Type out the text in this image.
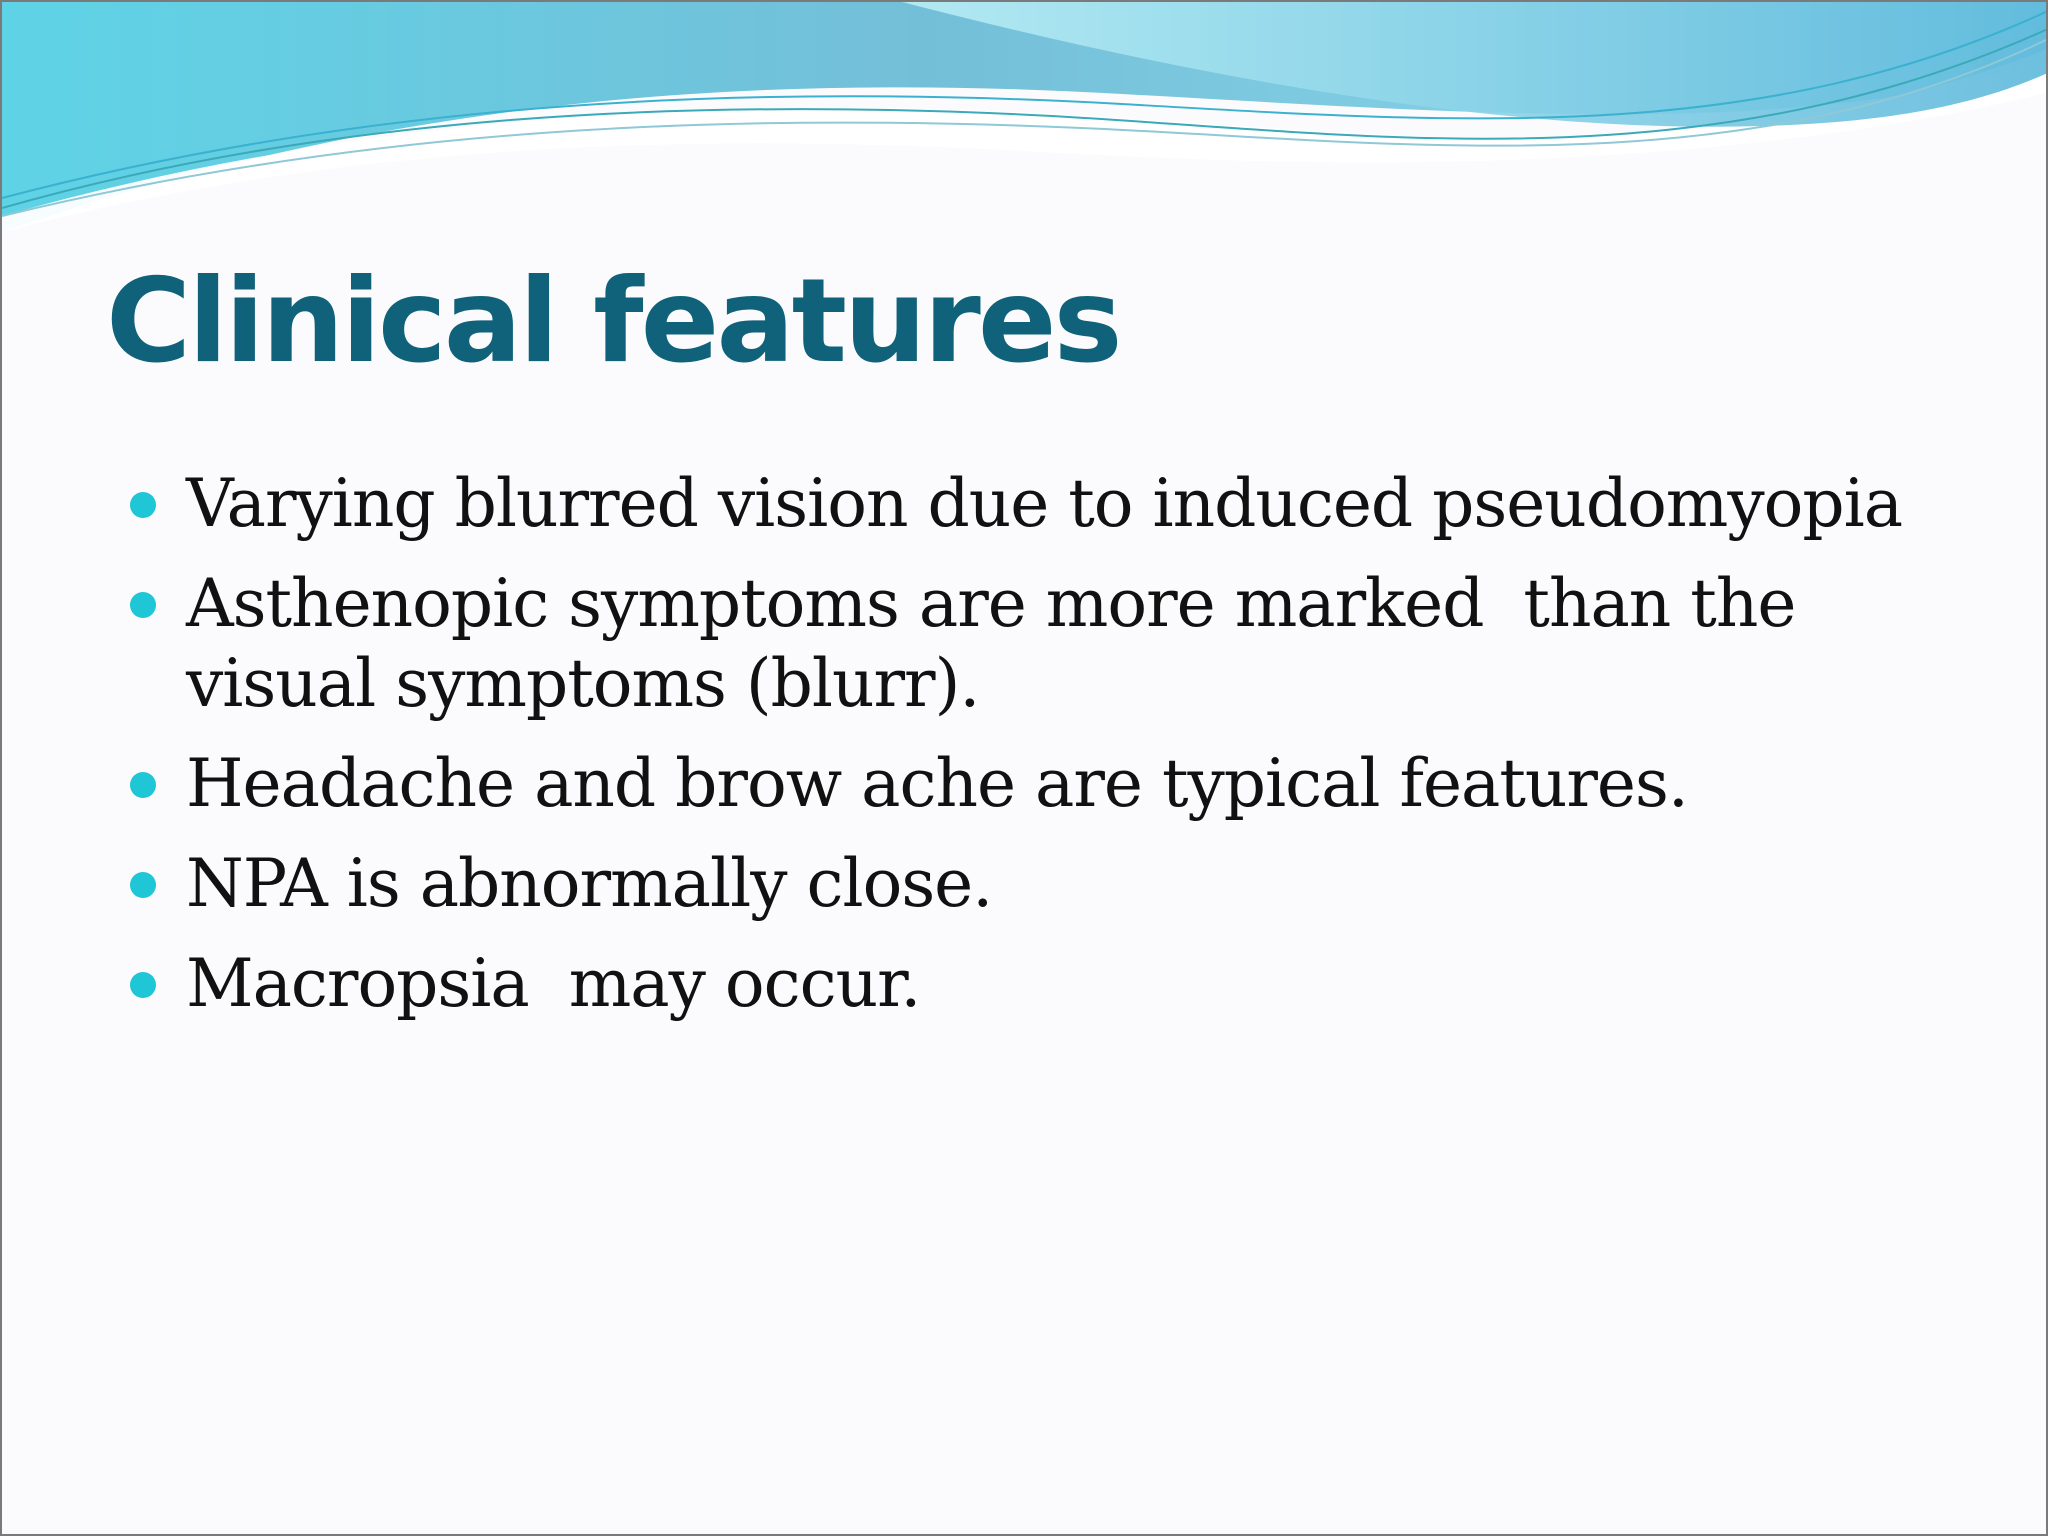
Clinical features
Varying blurred vision due to induced pseudomyopia
Asthenopic symptoms are more marked  than the visual symptoms (blurr).
Headache and brow ache are typical features.
NPA is abnormally close.
Macropsia  may occur.
